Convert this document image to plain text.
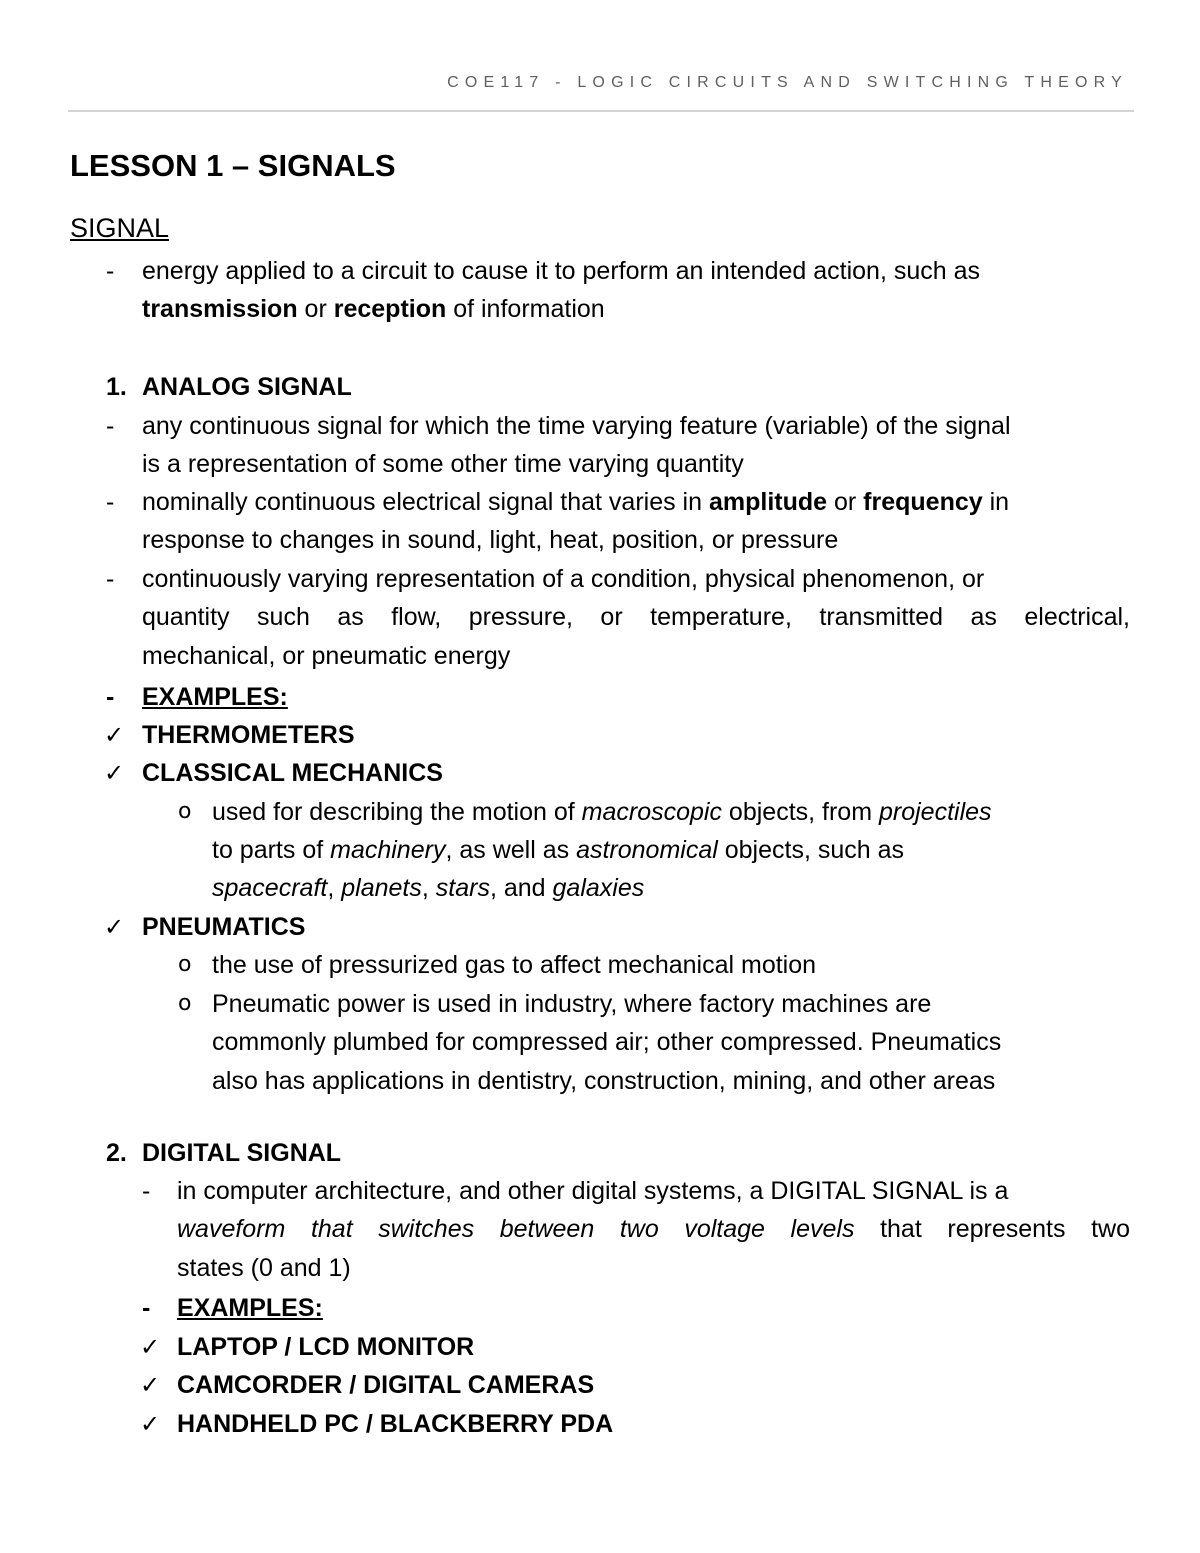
COE117 - LOGIC CIRCUITS AND SWITCHING THEORY
LESSON 1 – SIGNALS
SIGNAL
- energy applied to a circuit to cause it to perform an intended action, such as
transmission or reception of information
1. ANALOG SIGNAL
- any continuous signal for which the time varying feature (variable) of the signal
is a representation of some other time varying quantity
- nominally continuous electrical signal that varies in amplitude or frequency in
response to changes in sound, light, heat, position, or pressure
- continuously varying representation of a condition, physical phenomenon, or
quantity such as flow, pressure, or temperature, transmitted as electrical,
mechanical, or pneumatic energy
- EXAMPLES:
✓ THERMOMETERS
✓ CLASSICAL MECHANICS
o used for describing the motion of macroscopic objects, from projectiles
to parts of machinery, as well as astronomical objects, such as
spacecraft, planets, stars, and galaxies
✓ PNEUMATICS
o the use of pressurized gas to affect mechanical motion
o Pneumatic power is used in industry, where factory machines are
commonly plumbed for compressed air; other compressed. Pneumatics
also has applications in dentistry, construction, mining, and other areas
2. DIGITAL SIGNAL
- in computer architecture, and other digital systems, a DIGITAL SIGNAL is a
waveform that switches between two voltage levels that represents two
states (0 and 1)
- EXAMPLES:
✓ LAPTOP / LCD MONITOR
✓ CAMCORDER / DIGITAL CAMERAS
✓ HANDHELD PC / BLACKBERRY PDA
